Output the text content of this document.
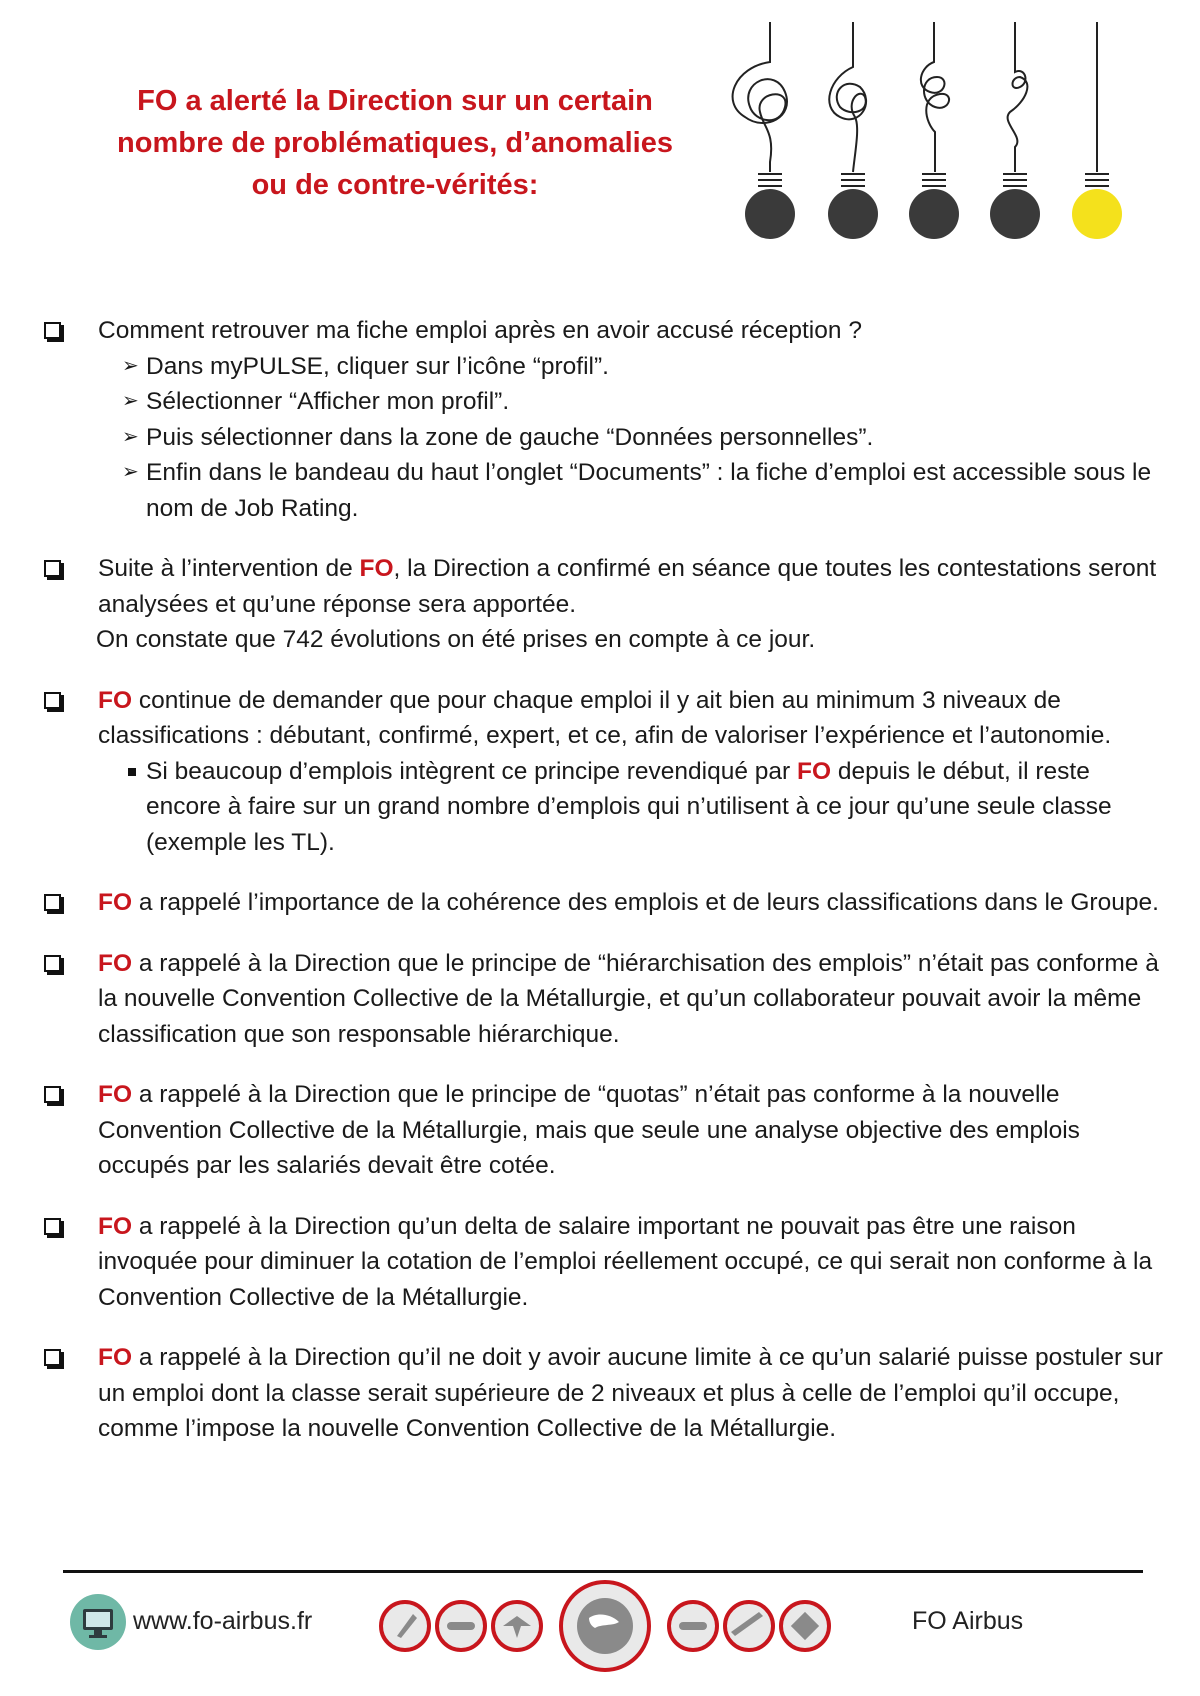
FO a alerté la Direction sur un certain
nombre de problématiques, d’anomalies
ou de contre-vérités:

Comment retrouver ma fiche emploi après en avoir accusé réception ?

➢ Dans myPULSE, cliquer sur l’icône “profil”.
➢ Sélectionner “Afficher mon profil”.
➢ Puis sélectionner dans la zone de gauche “Données personnelles”.
➢ Enfin dans le bandeau du haut l’onglet “Documents” : la fiche d’emploi est accessible sous le nom de Job Rating.

Suite à l’intervention de FO, la Direction a confirmé en séance que toutes les contestations seront analysées et qu’une réponse sera apportée.

On constate que 742 évolutions on été prises en compte à ce jour.

FO continue de demander que pour chaque emploi il y ait bien au minimum 3 niveaux de classifications : débutant, confirmé, expert, et ce, afin de valoriser l’expérience et l’autonomie.

Si beaucoup d’emplois intègrent ce principe revendiqué par FO depuis le début, il reste encore à faire sur un grand nombre d’emplois qui n’utilisent à ce jour qu’une seule classe (exemple les TL).

FO a rappelé l’importance de la cohérence des emplois et de leurs classifications dans le Groupe.

FO a rappelé à la Direction que le principe de “hiérarchisation des emplois” n’était pas conforme à la nouvelle Convention Collective de la Métallurgie, et qu’un collaborateur pouvait avoir la même classification que son responsable hiérarchique.

FO a rappelé à la Direction que le principe de “quotas” n’était pas conforme à la nouvelle Convention Collective de la Métallurgie, mais que seule une analyse objective des emplois occupés par les salariés devait être cotée.

FO a rappelé à la Direction qu’un delta de salaire important ne pouvait pas être une raison invoquée pour diminuer la cotation de l’emploi réellement occupé, ce qui serait non conforme à la Convention Collective de la Métallurgie.

FO a rappelé à la Direction qu’il ne doit y avoir aucune limite à ce qu’un salarié puisse postuler sur un emploi dont la classe serait supérieure de 2 niveaux et plus à celle de l’emploi qu’il occupe, comme l’impose la nouvelle Convention Collective de la Métallurgie.

www.fo-airbus.fr	FO Airbus
